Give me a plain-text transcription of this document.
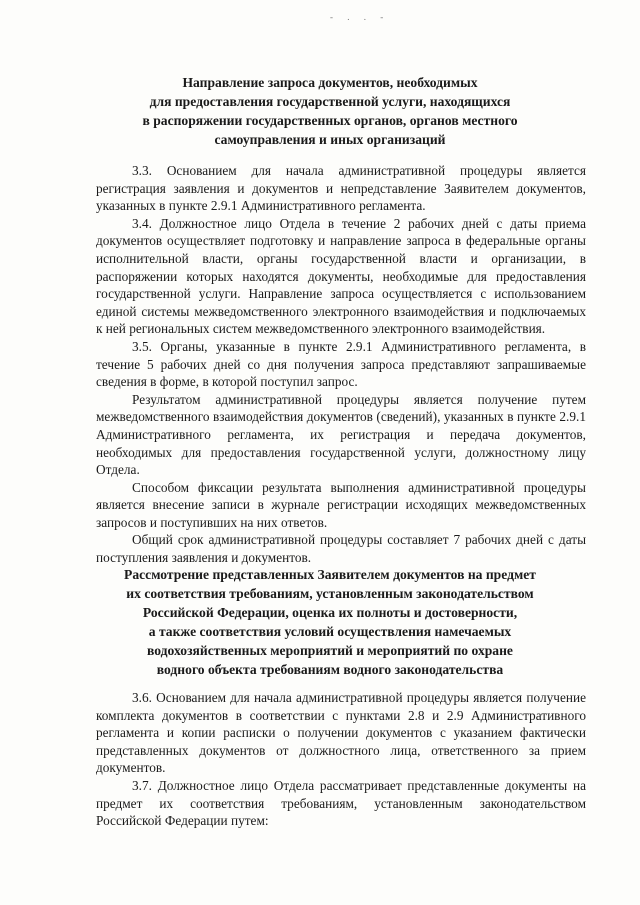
- . . -
Направление запроса документов, необходимых
для предоставления государственной услуги, находящихся
в распоряжении государственных органов, органов местного
самоуправления и иных организаций

3.3. Основанием для начала административной процедуры является регистрация заявления и документов и непредставление Заявителем документов, указанных в пункте 2.9.1 Административного регламента.

3.4. Должностное лицо Отдела в течение 2 рабочих дней с даты приема документов осуществляет подготовку и направление запроса в федеральные органы исполнительной власти, органы государственной власти и организации, в распоряжении которых находятся документы, необходимые для предоставления государственной услуги. Направление запроса осуществляется с использованием единой системы межведомственного электронного взаимодействия и подключаемых к ней региональных систем межведомственного электронного взаимодействия.

3.5. Органы, указанные в пункте 2.9.1 Административного регламента, в течение 5 рабочих дней со дня получения запроса представляют запрашиваемые сведения в форме, в которой поступил запрос.

Результатом административной процедуры является получение путем межведомственного взаимодействия документов (сведений), указанных в пункте 2.9.1 Административного регламента, их регистрация и передача документов, необходимых для предоставления государственной услуги, должностному лицу Отдела.

Способом фиксации результата выполнения административной процедуры является внесение записи в журнале регистрации исходящих межведомственных запросов и поступивших на них ответов.

Общий срок административной процедуры составляет 7 рабочих дней с даты поступления заявления и документов.

Рассмотрение представленных Заявителем документов на предмет
их соответствия требованиям, установленным законодательством
Российской Федерации, оценка их полноты и достоверности,
а также соответствия условий осуществления намечаемых
водохозяйственных мероприятий и мероприятий по охране
водного объекта требованиям водного законодательства

3.6. Основанием для начала административной процедуры является получение комплекта документов в соответствии с пунктами 2.8 и 2.9 Административного регламента и копии расписки о получении документов с указанием фактически представленных документов от должностного лица, ответственного за прием документов.

3.7. Должностное лицо Отдела рассматривает представленные документы на предмет их соответствия требованиям, установленным законодательством Российской Федерации путем:
